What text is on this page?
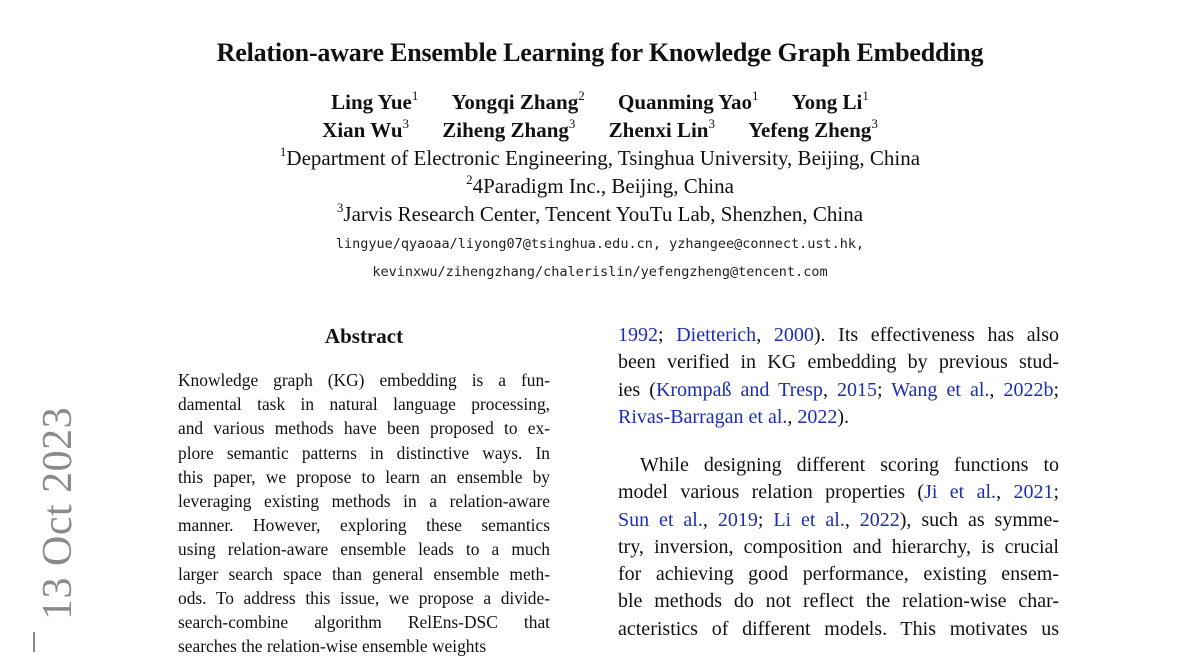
Relation-aware Ensemble Learning for Knowledge Graph Embedding
Ling Yue$^1$ Yongqi Zhang$^2$ Quanming Yao$^1$ Yong Li$^1$
Xian Wu$^3$ Ziheng Zhang$^3$ Zhenxi Lin$^3$ Yefeng Zheng$^3$
$^1$Department of Electronic Engineering, Tsinghua University, Beijing, China
$^2$4Paradigm Inc., Beijing, China
$^3$Jarvis Research Center, Tencent YouTu Lab, Shenzhen, China
lingyue/qyaoaa/liyong07@tsinghua.edu.cn, yzhangee@connect.ust.hk,
kevinxwu/zihengzhang/chalerislin/yefengzheng@tencent.com
Abstract
Knowledge graph (KG) embedding is a fun-
damental task in natural language processing,
and various methods have been proposed to ex-
plore semantic patterns in distinctive ways. In
this paper, we propose to learn an ensemble by
leveraging existing methods in a relation-aware
manner. However, exploring these semantics
using relation-aware ensemble leads to a much
larger search space than general ensemble meth-
ods. To address this issue, we propose a divide-
search-combine algorithm RelEns-DSC that
searches the relation-wise ensemble weights
1992; Dietterich, 2000). Its effectiveness has also
been verified in KG embedding by previous stud-
ies (Krompaß and Tresp, 2015; Wang et al., 2022b;
Rivas-Barragan et al., 2022).
While designing different scoring functions to
model various relation properties (Ji et al., 2021;
Sun et al., 2019; Li et al., 2022), such as symme-
try, inversion, composition and hierarchy, is crucial
for achieving good performance, existing ensem-
ble methods do not reflect the relation-wise char-
acteristics of different models. This motivates us
13 Oct 2023
